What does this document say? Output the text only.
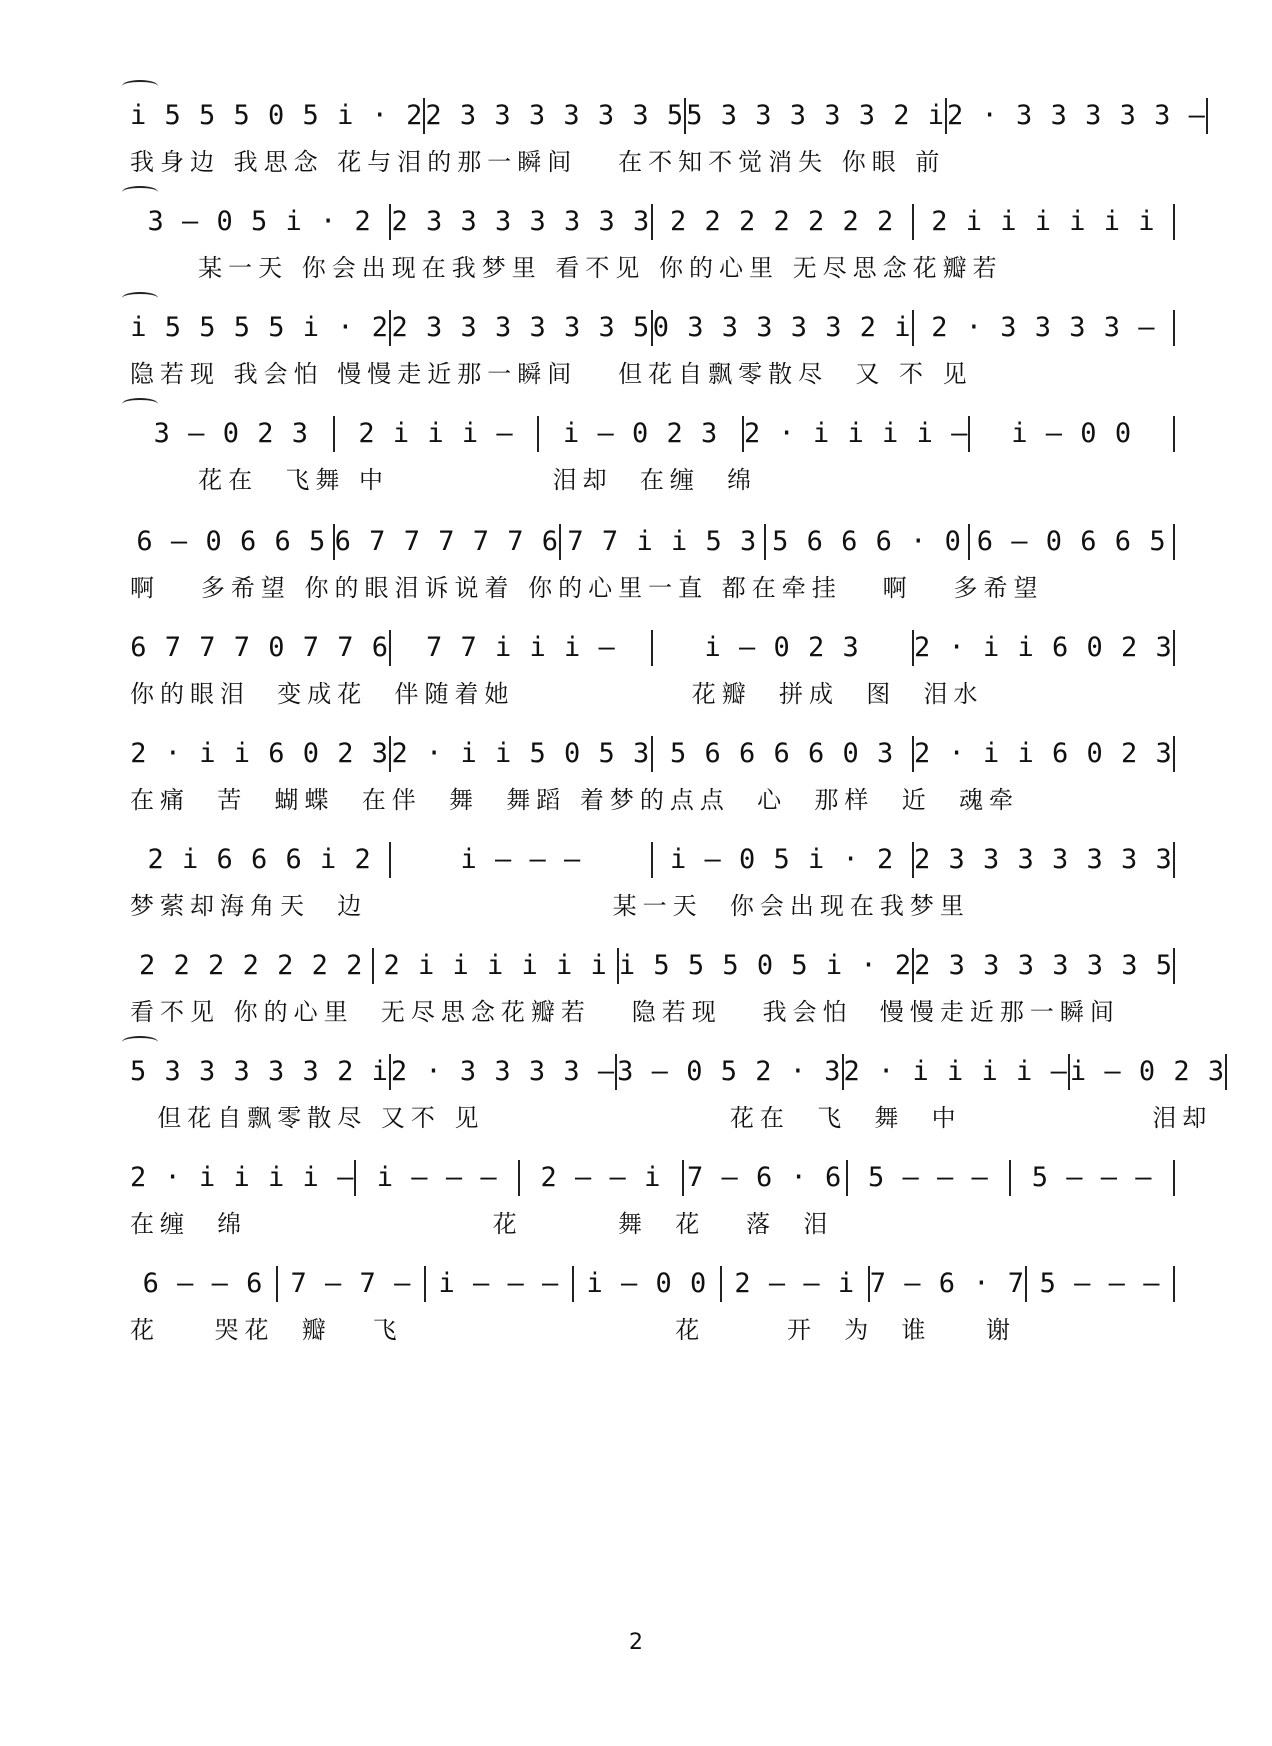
i 5 5 5 0 5 i · 2 2 3 3 3 3 3 3 5 5 3 3 3 3 3 2 i 2 · 3 3 3 3 3 –
我身边 我思念 花与泪的那一瞬间   在不知不觉消失 你眼 前
3 – 0 5 i · 2 2 3 3 3 3 3 3 3 2 2 2 2 2 2 2	2 i i i i i i
某一天 你会出现在我梦里 看不见 你的心里 无尽思念花瓣若
i 5 5 5 5 i · 2 2 3 3 3 3 3 3 5 0 3 3 3 3 3 2 i 2 · 3 3 3 3 –
隐若现 我会怕 慢慢走近那一瞬间   但花自飘零散尽  又 不 见
3 – 0 2 3	2 i i i –	i – 0 2 3 2 · i i i i –	i – 0 0
花在  飞舞 中            泪却  在缠  绵
6 – 0 6 6 5 6 7 7 7 7 7 6 7 7 i i 5 3 5 6 6 6 · 0 6 – 0 6 6 5
啊   多希望 你的眼泪诉说着 你的心里一直 都在牵挂   啊   多希望
6 7 7 7 0 7 7 6	7 7 i i i –	i – 0 2 3	2 · i i 6 0 2 3
你的眼泪  变成花  伴随着她             花瓣  拼成  图  泪水
2 · i i 6 0 2 3 2 · i i 5 0 5 3 5 6 6 6 6 0 3 2 · i i 6 0 2 3
在痛  苦  蝴蝶  在伴  舞  舞蹈 着梦的点点  心  那样  近  魂牵
2 i 6 6 6 i 2	i – – –	i – 0 5 i · 2 2 3 3 3 3 3 3 3
梦萦却海角天  边                  某一天  你会出现在我梦里
2 2 2 2 2 2 2 2 i i i i i i i 5 5 5 0 5 i · 2 2 3 3 3 3 3 3 5
看不见 你的心里  无尽思念花瓣若   隐若现   我会怕  慢慢走近那一瞬间
5 3 3 3 3 3 2 i 2 · 3 3 3 3 – 3 – 0 5 2 · 3 2 · i i i i – i – 0 2 3
但花自飘零散尽 又不 见                  花在  飞  舞  中              泪却
2 · i i i i – i – – –	2 – – i 7 – 6 · 6 5 – – –	5 – – –
在缠  绵                  花       舞  花   落  泪
6 – – 6	7 – 7 –	i – – –	i – 0 0	2 – – i 7 – 6 · 7 5 – – –
花    哭花  瓣   飞                    花      开  为  谁    谢
2
